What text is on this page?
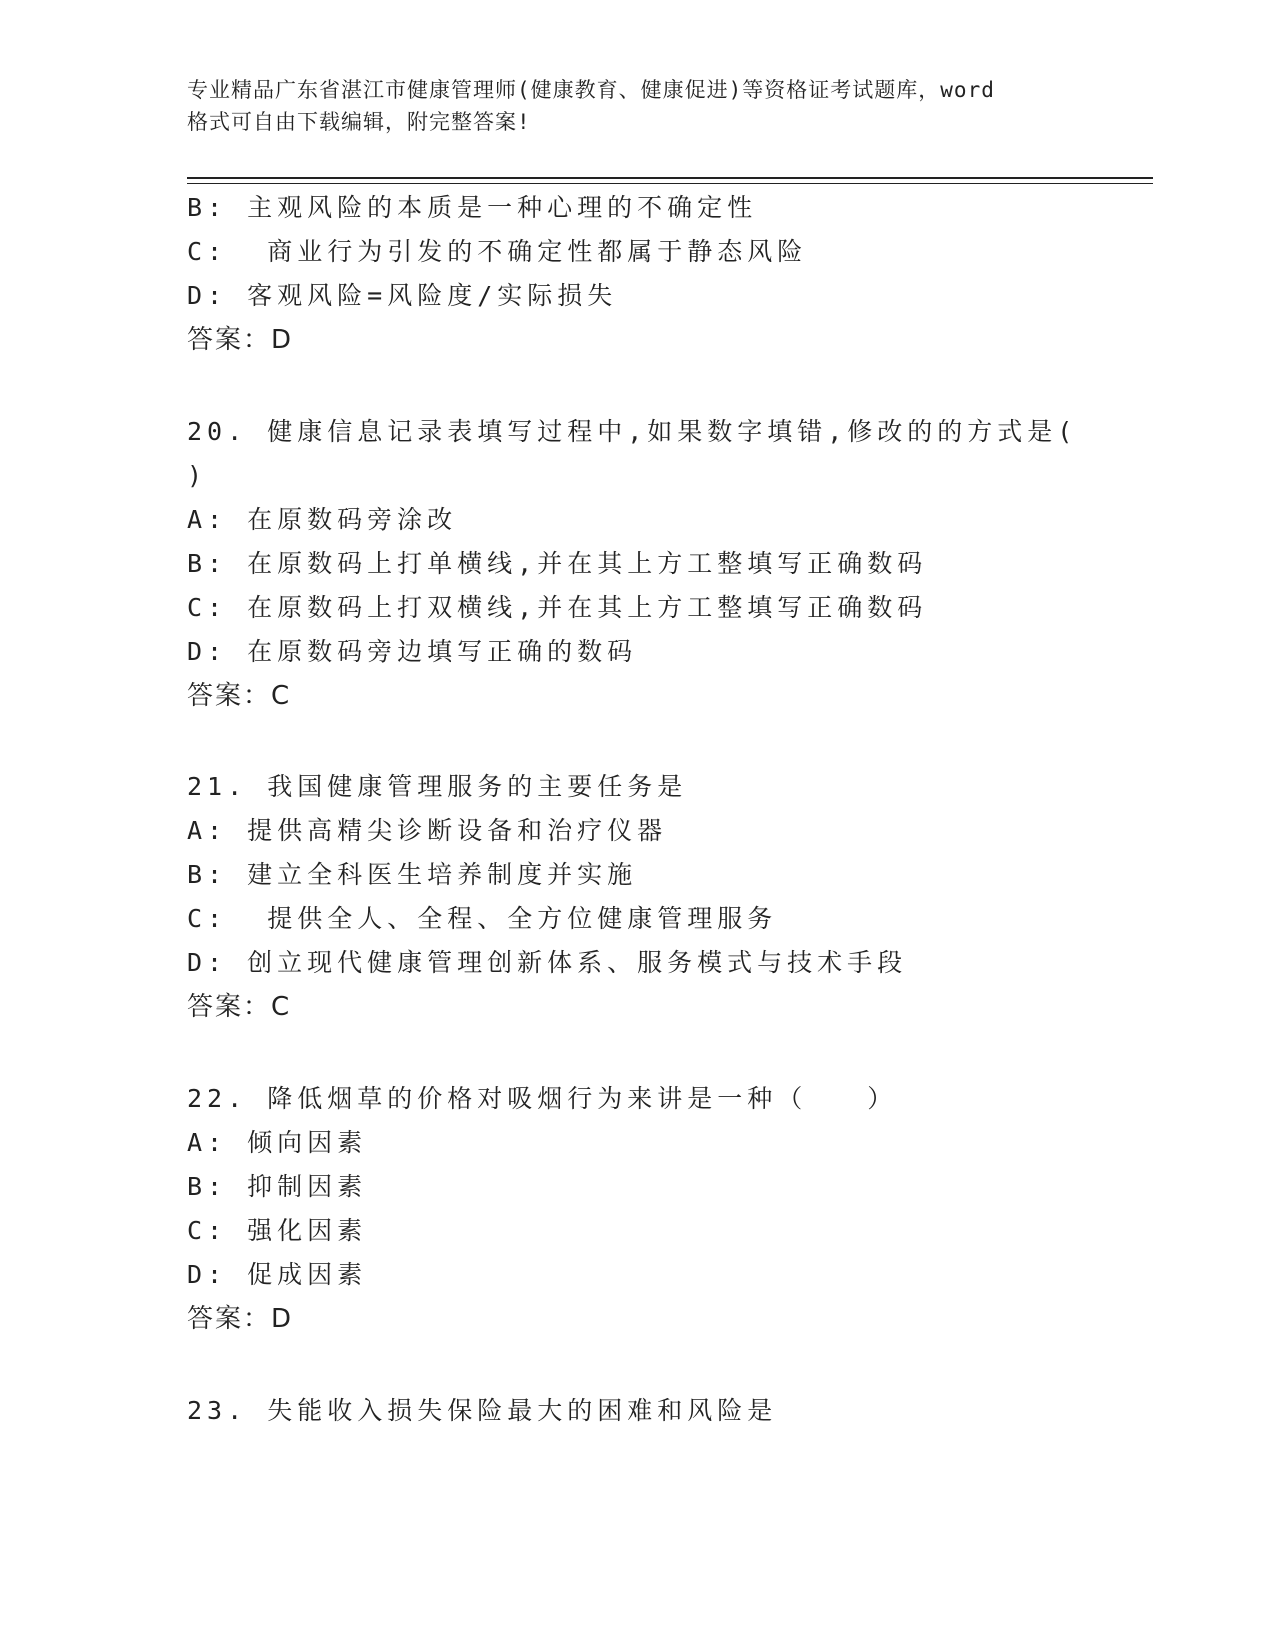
专业精品广东省湛江市健康管理师(健康教育、健康促进)等资格证考试题库，word
格式可自由下载编辑，附完整答案!
B: 主观风险的本质是一种心理的不确定性
C:  商业行为引发的不确定性都属于静态风险
D: 客观风险=风险度/实际损失
答案：D
20. 健康信息记录表填写过程中,如果数字填错,修改的的方式是(
)
A: 在原数码旁涂改
B: 在原数码上打单横线,并在其上方工整填写正确数码
C: 在原数码上打双横线,并在其上方工整填写正确数码
D: 在原数码旁边填写正确的数码
答案：C
21. 我国健康管理服务的主要任务是
A: 提供高精尖诊断设备和治疗仪器
B: 建立全科医生培养制度并实施
C:  提供全人、全程、全方位健康管理服务
D: 创立现代健康管理创新体系、服务模式与技术手段
答案：C
22. 降低烟草的价格对吸烟行为来讲是一种（　　）
A: 倾向因素
B: 抑制因素
C: 强化因素
D: 促成因素
答案：D
23. 失能收入损失保险最大的困难和风险是
